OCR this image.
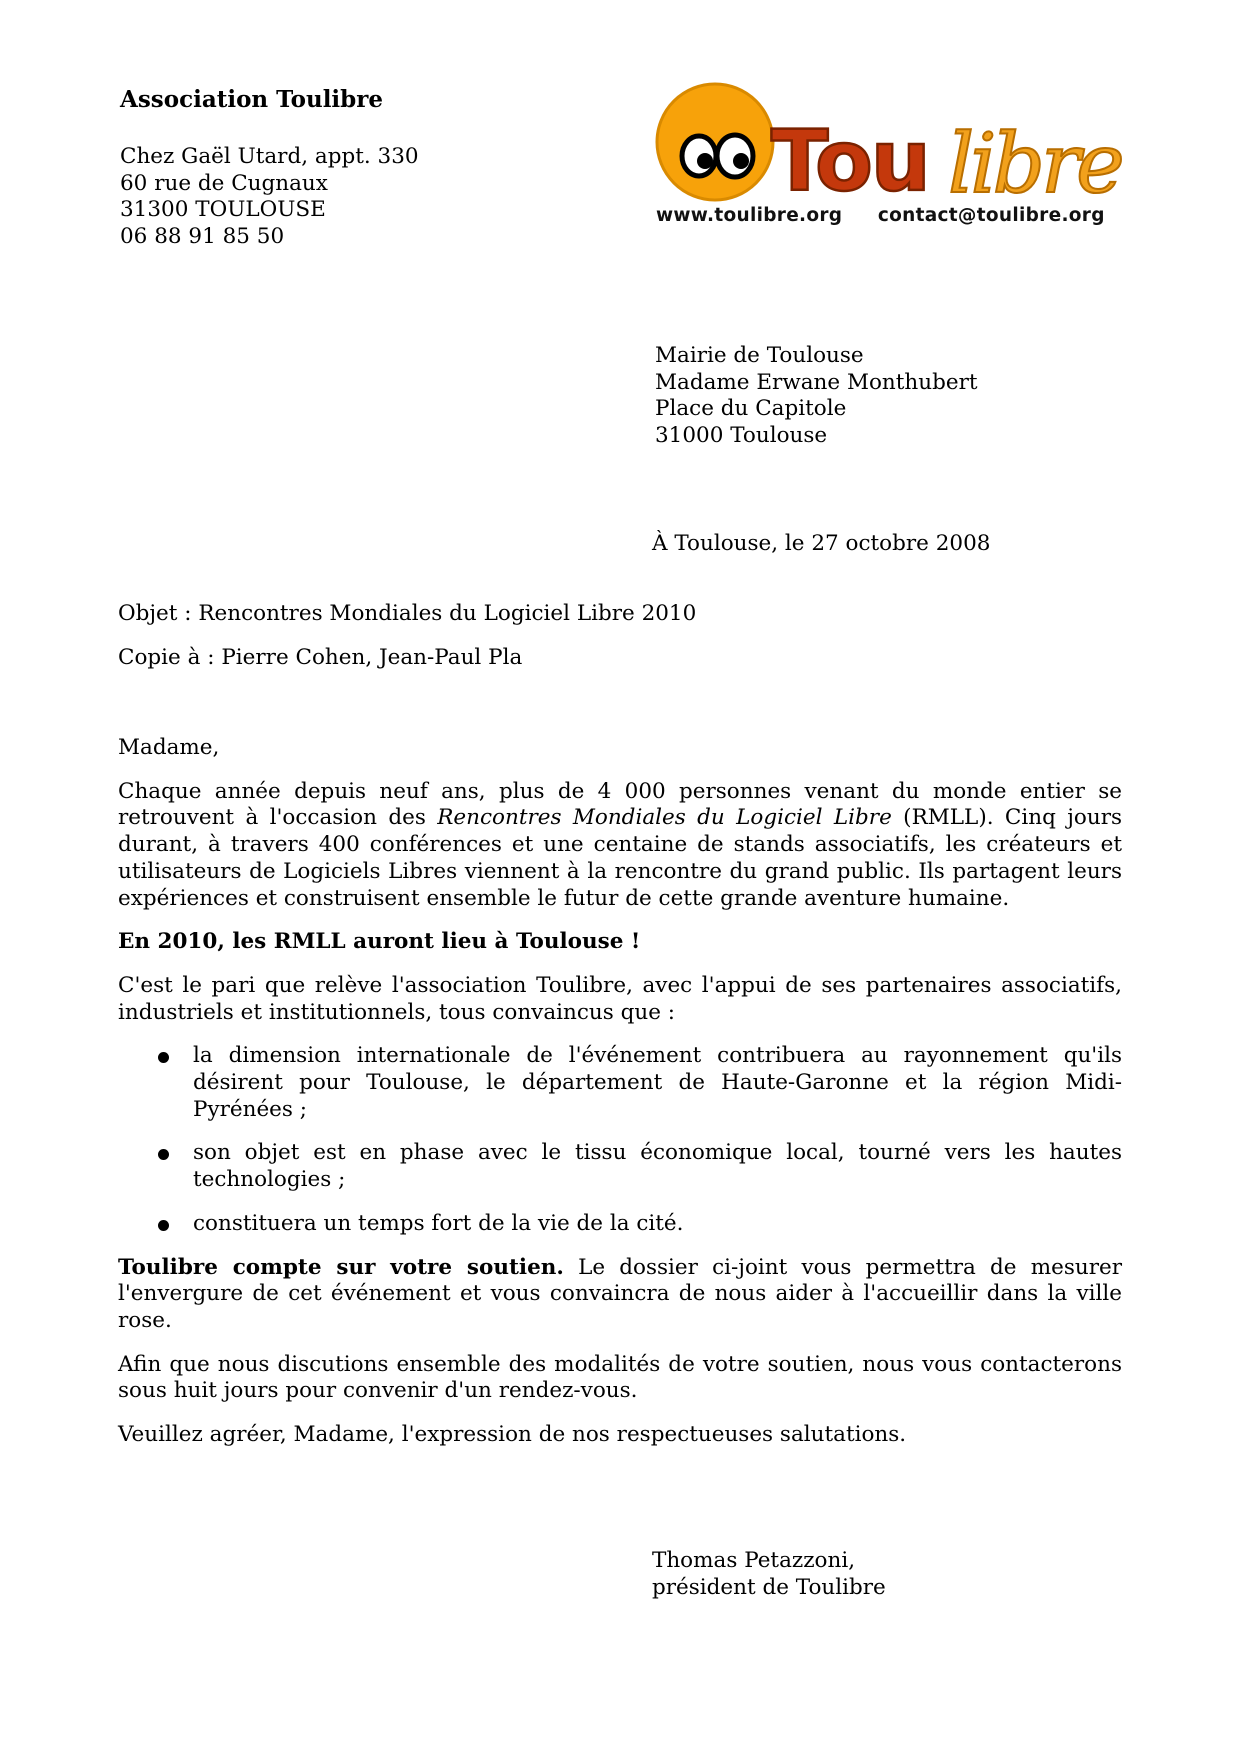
Association Toulibre
Chez Gaël Utard, appt. 330
60 rue de Cugnaux
31300 TOULOUSE
06 88 91 85 50
Tou libre
www.toulibre.org contact@toulibre.org
Mairie de Toulouse
Madame Erwane Monthubert
Place du Capitole
31000 Toulouse
À Toulouse, le 27 octobre 2008
Objet : Rencontres Mondiales du Logiciel Libre 2010
Copie à : Pierre Cohen, Jean-Paul Pla

Madame,

Chaque année depuis neuf ans, plus de 4 000 personnes venant du monde entier se retrouvent à l'occasion des Rencontres Mondiales du Logiciel Libre (RMLL). Cinq jours durant, à travers 400 conférences et une centaine de stands associatifs, les créateurs et utilisateurs de Logiciels Libres viennent à la rencontre du grand public. Ils partagent leurs expériences et construisent ensemble le futur de cette grande aventure humaine.

En 2010, les RMLL auront lieu à Toulouse !

C'est le pari que relève l'association Toulibre, avec l'appui de ses partenaires associatifs, industriels et institutionnels, tous convaincus que :

la dimension internationale de l'événement contribuera au rayonnement qu'ils désirent pour Toulouse, le département de Haute-Garonne et la région Midi-Pyrénées ;
son objet est en phase avec le tissu économique local, tourné vers les hautes technologies ;
constituera un temps fort de la vie de la cité.

Toulibre compte sur votre soutien. Le dossier ci-joint vous permettra de mesurer l'envergure de cet événement et vous convaincra de nous aider à l'accueillir dans la ville rose.

Afin que nous discutions ensemble des modalités de votre soutien, nous vous contacterons sous huit jours pour convenir d'un rendez-vous.

Veuillez agréer, Madame, l'expression de nos respectueuses salutations.

Thomas Petazzoni,
président de Toulibre
